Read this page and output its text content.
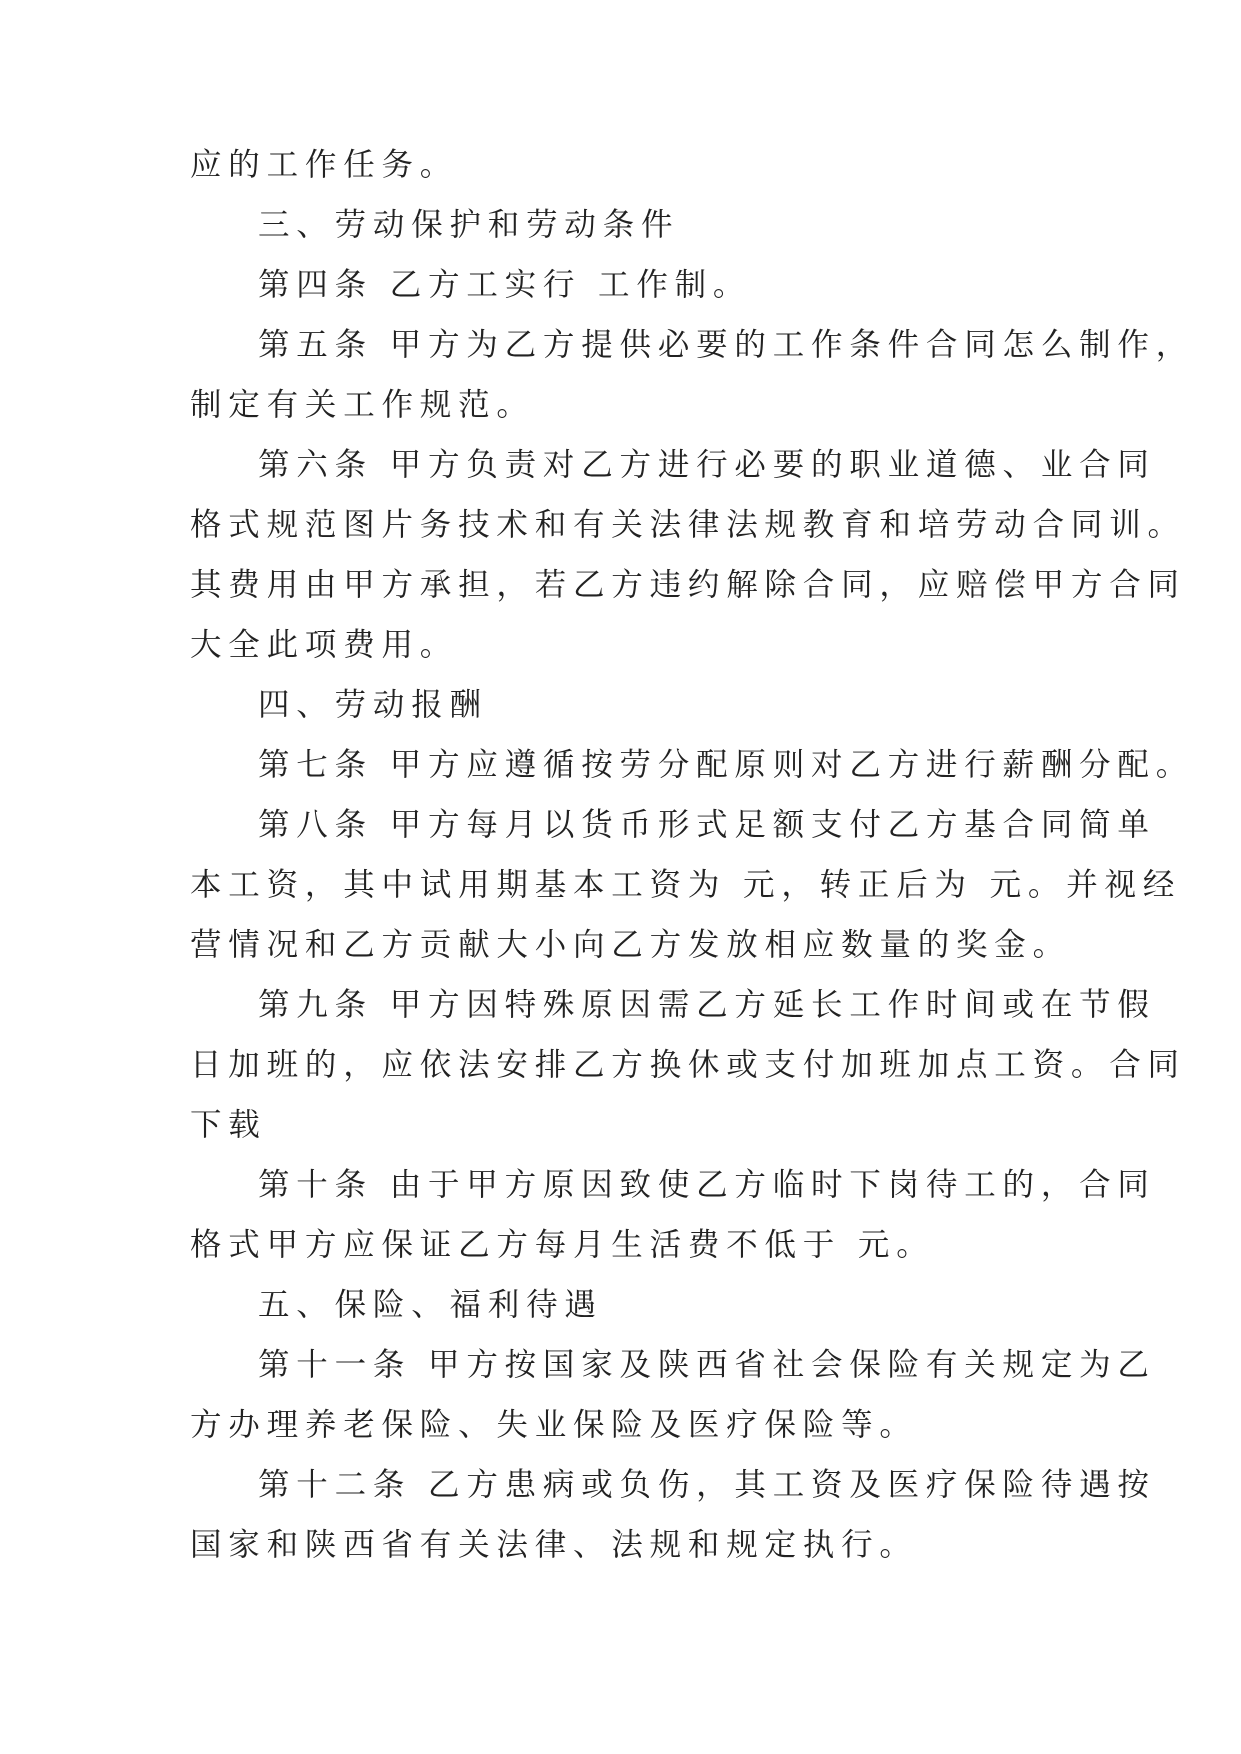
应的工作任务。

三、劳动保护和劳动条件

第四条 乙方工实行 工作制。

第五条 甲方为乙方提供必要的工作条件合同怎么制作，

制定有关工作规范。

第六条 甲方负责对乙方进行必要的职业道德、业合同

格式规范图片务技术和有关法律法规教育和培劳动合同训。

其费用由甲方承担，若乙方违约解除合同，应赔偿甲方合同

大全此项费用。

四、劳动报酬

第七条 甲方应遵循按劳分配原则对乙方进行薪酬分配。

第八条 甲方每月以货币形式足额支付乙方基合同简单

本工资，其中试用期基本工资为 元，转正后为 元。并视经

营情况和乙方贡献大小向乙方发放相应数量的奖金。

第九条 甲方因特殊原因需乙方延长工作时间或在节假

日加班的，应依法安排乙方换休或支付加班加点工资。合同

下载

第十条 由于甲方原因致使乙方临时下岗待工的，合同

格式甲方应保证乙方每月生活费不低于 元。

五、保险、福利待遇

第十一条 甲方按国家及陕西省社会保险有关规定为乙

方办理养老保险、失业保险及医疗保险等。

第十二条 乙方患病或负伤，其工资及医疗保险待遇按

国家和陕西省有关法律、法规和规定执行。
